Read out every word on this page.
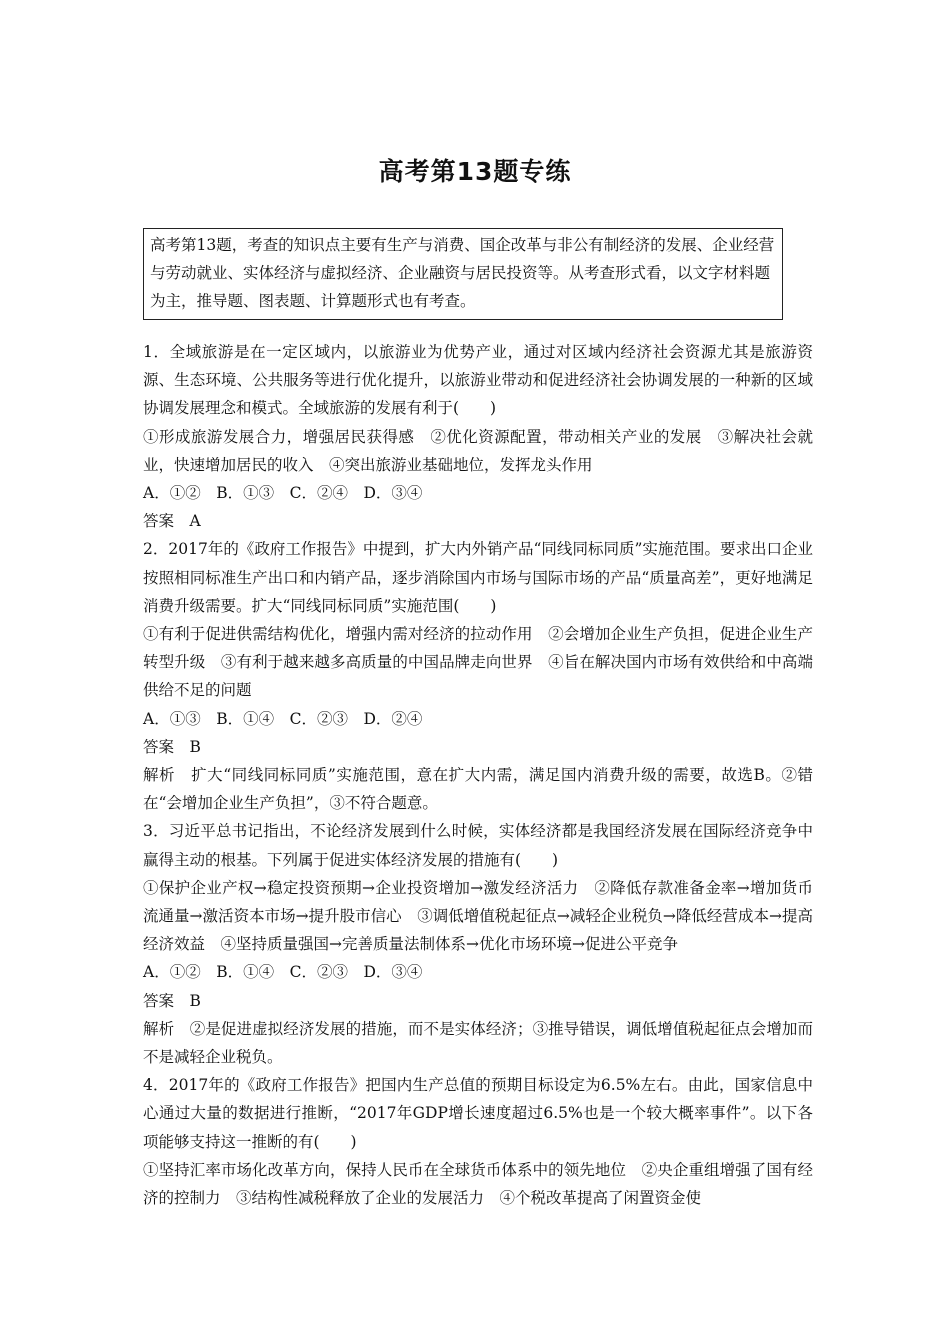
高考第13题专练

高考第13题，考查的知识点主要有生产与消费、国企改革与非公有制经济的发展、企业经营与劳动就业、实体经济与虚拟经济、企业融资与居民投资等。从考查形式看，以文字材料题为主，推导题、图表题、计算题形式也有考查。

1．全域旅游是在一定区域内，以旅游业为优势产业，通过对区域内经济社会资源尤其是旅游资源、生态环境、公共服务等进行优化提升，以旅游业带动和促进经济社会协调发展的一种新的区域协调发展理念和模式。全域旅游的发展有利于(　　)

①形成旅游发展合力，增强居民获得感　②优化资源配置，带动相关产业的发展　③解决社会就业，快速增加居民的收入　④突出旅游业基础地位，发挥龙头作用

A．①②　B．①③　C．②④　D．③④

答案　A

2．2017年的《政府工作报告》中提到，扩大内外销产品“同线同标同质”实施范围。要求出口企业按照相同标准生产出口和内销产品，逐步消除国内市场与国际市场的产品“质量高差”，更好地满足消费升级需要。扩大“同线同标同质”实施范围(　　)

①有利于促进供需结构优化，增强内需对经济的拉动作用　②会增加企业生产负担，促进企业生产转型升级　③有利于越来越多高质量的中国品牌走向世界　④旨在解决国内市场有效供给和中高端供给不足的问题

A．①③　B．①④　C．②③　D．②④

答案　B

解析　扩大“同线同标同质”实施范围，意在扩大内需，满足国内消费升级的需要，故选B。②错在“会增加企业生产负担”，③不符合题意。

3．习近平总书记指出，不论经济发展到什么时候，实体经济都是我国经济发展在国际经济竞争中赢得主动的根基。下列属于促进实体经济发展的措施有(　　)

①保护企业产权→稳定投资预期→企业投资增加→激发经济活力　②降低存款准备金率→增加货币流通量→激活资本市场→提升股市信心　③调低增值税起征点→减轻企业税负→降低经营成本→提高经济效益　④坚持质量强国→完善质量法制体系→优化市场环境→促进公平竞争

A．①②　B．①④　C．②③　D．③④

答案　B

解析　②是促进虚拟经济发展的措施，而不是实体经济；③推导错误，调低增值税起征点会增加而不是减轻企业税负。

4．2017年的《政府工作报告》把国内生产总值的预期目标设定为6.5%左右。由此，国家信息中心通过大量的数据进行推断，“2017年GDP增长速度超过6.5%也是一个较大概率事件”。以下各项能够支持这一推断的有(　　)

①坚持汇率市场化改革方向，保持人民币在全球货币体系中的领先地位　②央企重组增强了国有经济的控制力　③结构性减税释放了企业的发展活力　④个税改革提高了闲置资金使
